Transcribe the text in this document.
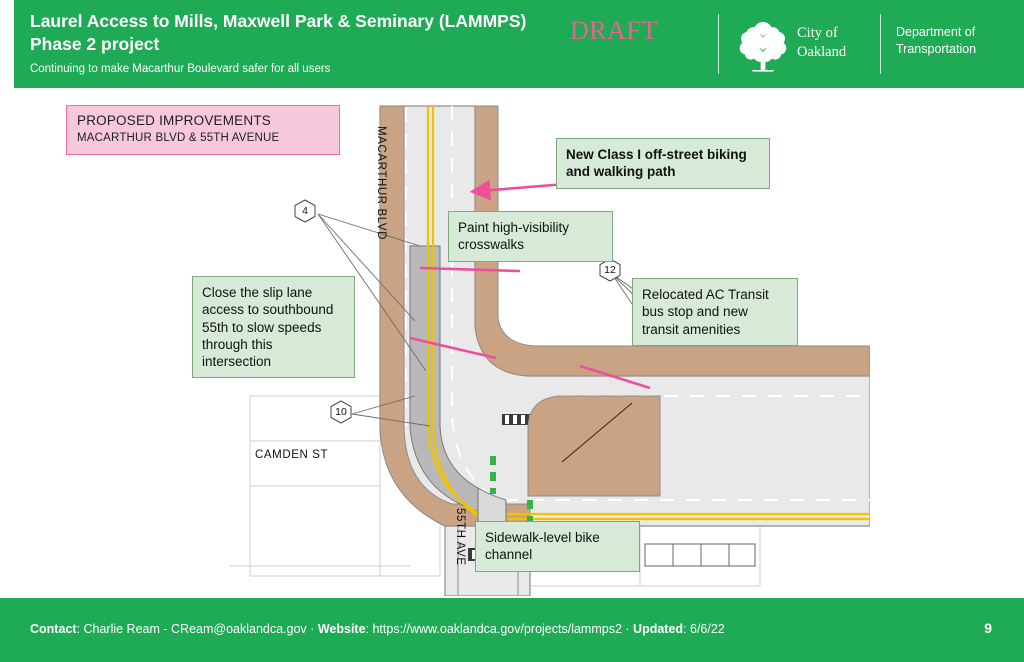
Laurel Access to Mills, Maxwell Park & Seminary (LAMMPS) Phase 2 project
Continuing to make Macarthur Boulevard safer for all users
DRAFT	City of
Oakland
Department of
Transportation
PROPOSED IMPROVEMENTS
MACARTHUR BLVD & 55TH AVENUE	MACARTHUR BLVD
55TH AVE
CAMDEN ST
4
12
10
New Class I off-street biking and walking path
Paint high-visibility crosswalks
Close the slip lane access to southbound 55th to slow speeds through this intersection
Relocated AC Transit bus stop and new transit amenities
Sidewalk-level bike channel
Contact: Charlie Ream - CReam@oaklandca.gov · Website: https://www.oaklandca.gov/projects/lammps2 · Updated: 6/6/22	9
